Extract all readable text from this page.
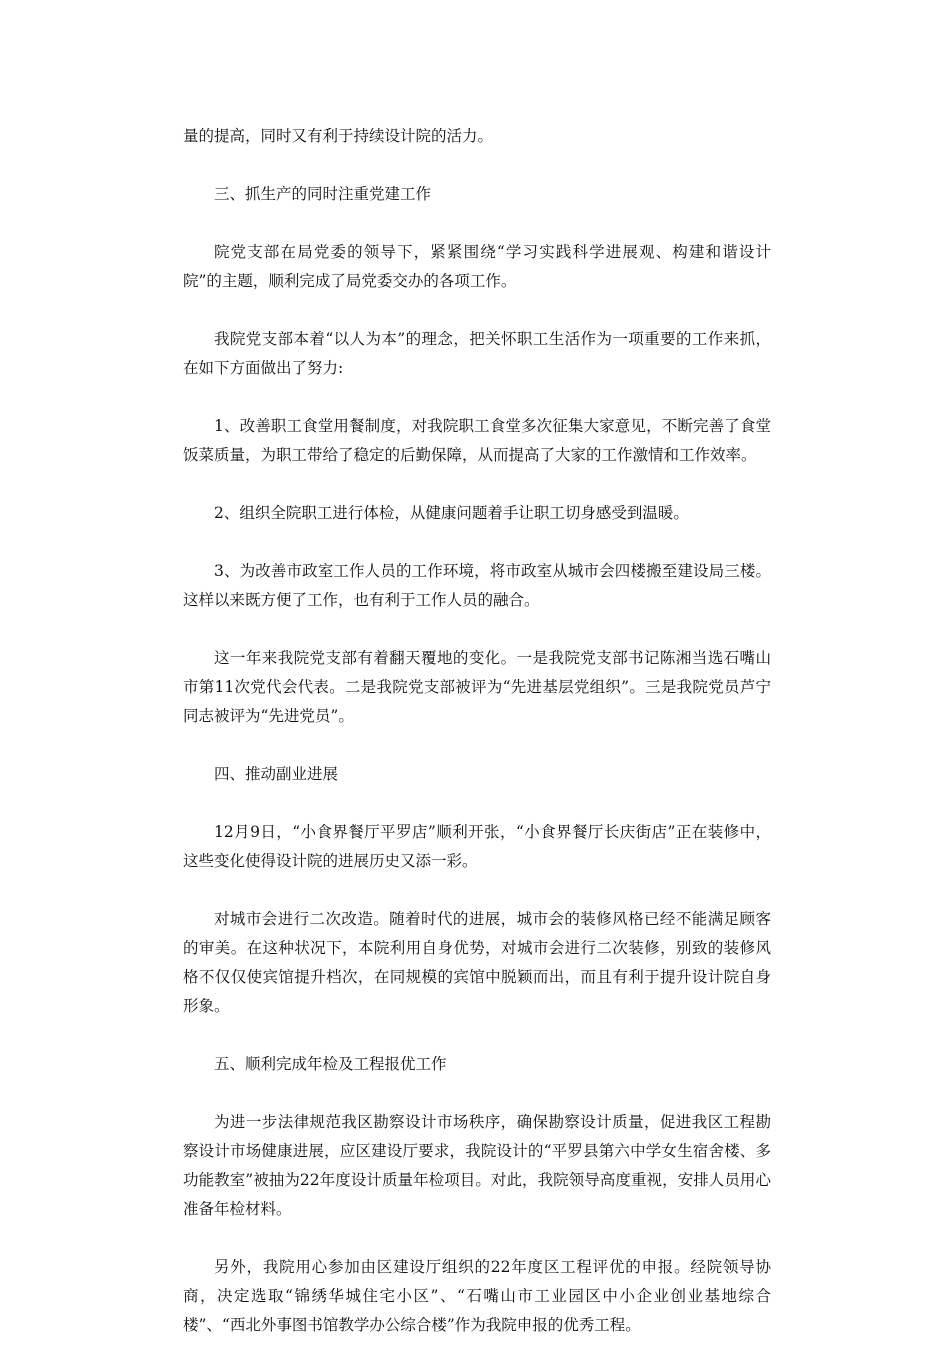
量的提高，同时又有利于持续设计院的活力。

三、抓生产的同时注重党建工作

院党支部在局党委的领导下，紧紧围绕“学习实践科学进展观、构建和谐设计院”的主题，顺利完成了局党委交办的各项工作。

我院党支部本着“以人为本”的理念，把关怀职工生活作为一项重要的工作来抓，在如下方面做出了努力:

1、改善职工食堂用餐制度，对我院职工食堂多次征集大家意见，不断完善了食堂饭菜质量，为职工带给了稳定的后勤保障，从而提高了大家的工作激情和工作效率。

2、组织全院职工进行体检，从健康问题着手让职工切身感受到温暖。

3、为改善市政室工作人员的工作环境，将市政室从城市会四楼搬至建设局三楼。这样以来既方便了工作，也有利于工作人员的融合。

这一年来我院党支部有着翻天覆地的变化。一是我院党支部书记陈湘当选石嘴山市第11次党代会代表。二是我院党支部被评为“先进基层党组织”。三是我院党员芦宁同志被评为“先进党员”。

四、推动副业进展

12月9日，“小食界餐厅平罗店”顺利开张，“小食界餐厅长庆街店”正在装修中，这些变化使得设计院的进展历史又添一彩。

对城市会进行二次改造。随着时代的进展，城市会的装修风格已经不能满足顾客的审美。在这种状况下，本院利用自身优势，对城市会进行二次装修，别致的装修风格不仅仅使宾馆提升档次，在同规模的宾馆中脱颖而出，而且有利于提升设计院自身形象。

五、顺利完成年检及工程报优工作

为进一步法律规范我区勘察设计市场秩序，确保勘察设计质量，促进我区工程勘察设计市场健康进展，应区建设厅要求，我院设计的“平罗县第六中学女生宿舍楼、多功能教室”被抽为22年度设计质量年检项目。对此，我院领导高度重视，安排人员用心准备年检材料。

另外，我院用心参加由区建设厅组织的22年度区工程评优的申报。经院领导协商，决定选取“锦绣华城住宅小区”、“石嘴山市工业园区中小企业创业基地综合楼”、“西北外事图书馆教学办公综合楼”作为我院申报的优秀工程。
